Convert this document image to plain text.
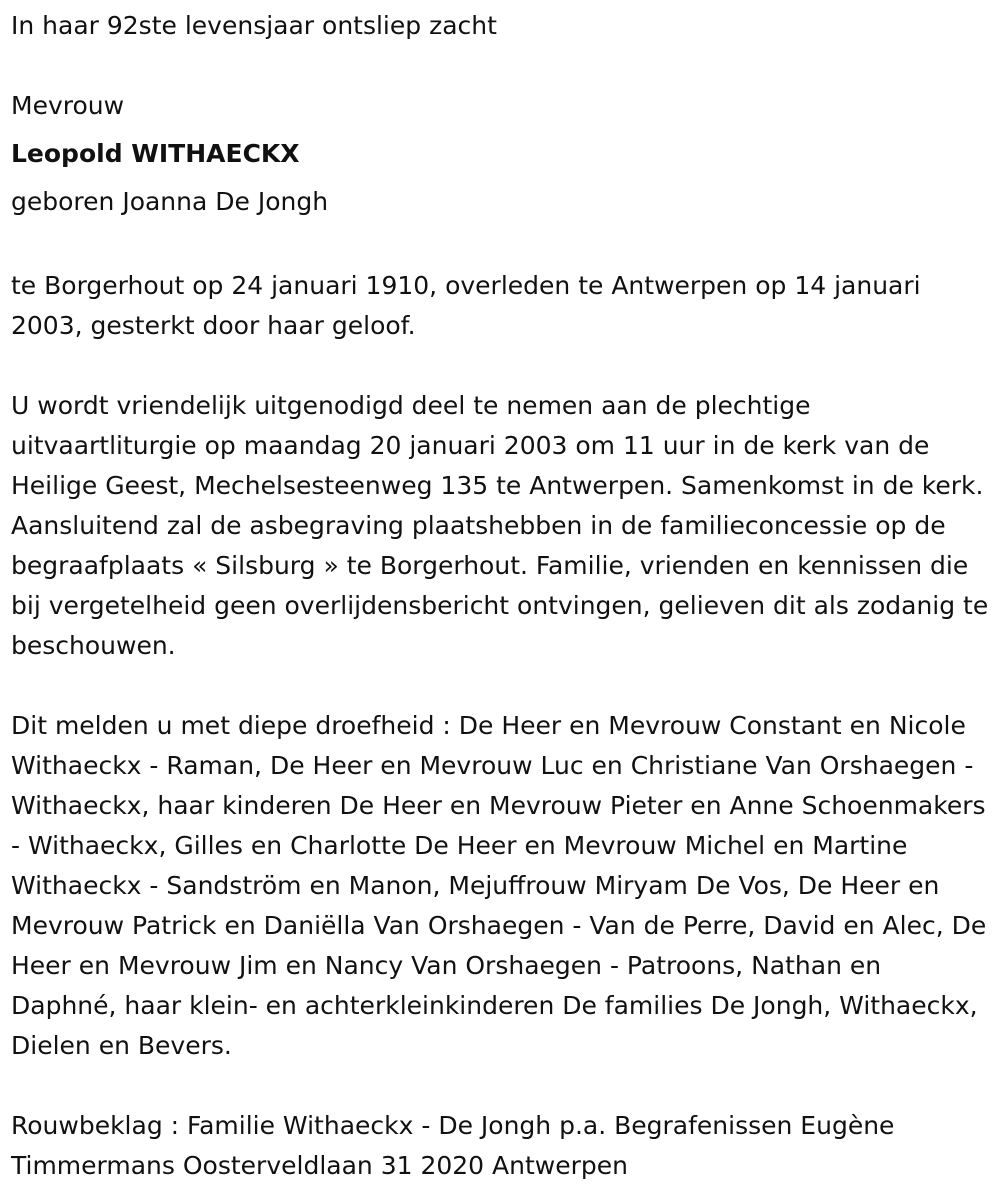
In haar 92ste levensjaar ontsliep zacht

Mevrouw

Leopold WITHAECKX

geboren Joanna De Jongh

te Borgerhout op 24 januari 1910, overleden te Antwerpen op 14 januari 2003, gesterkt door haar geloof.

U wordt vriendelijk uitgenodigd deel te nemen aan de plechtige uitvaartliturgie op maandag 20 januari 2003 om 11 uur in de kerk van de Heilige Geest, Mechelsesteenweg 135 te Antwerpen. Samenkomst in de kerk. Aansluitend zal de asbegraving plaatshebben in de familieconcessie op de begraafplaats « Silsburg » te Borgerhout. Familie, vrienden en kennissen die bij vergetelheid geen overlijdensbericht ontvingen, gelieven dit als zodanig te beschouwen.

Dit melden u met diepe droefheid : De Heer en Mevrouw Constant en Nicole Withaeckx - Raman, De Heer en Mevrouw Luc en Christiane Van Orshaegen - Withaeckx, haar kinderen De Heer en Mevrouw Pieter en Anne Schoenmakers - Withaeckx, Gilles en Charlotte De Heer en Mevrouw Michel en Martine Withaeckx - Sandström en Manon, Mejuffrouw Miryam De Vos, De Heer en Mevrouw Patrick en Daniëlla Van Orshaegen - Van de Perre, David en Alec, De Heer en Mevrouw Jim en Nancy Van Orshaegen - Patroons, Nathan en Daphné, haar klein- en achterkleinkinderen De families De Jongh, Withaeckx, Dielen en Bevers.

Rouwbeklag : Familie Withaeckx - De Jongh p.a. Begrafenissen Eugène Timmermans Oosterveldlaan 31 2020 Antwerpen
